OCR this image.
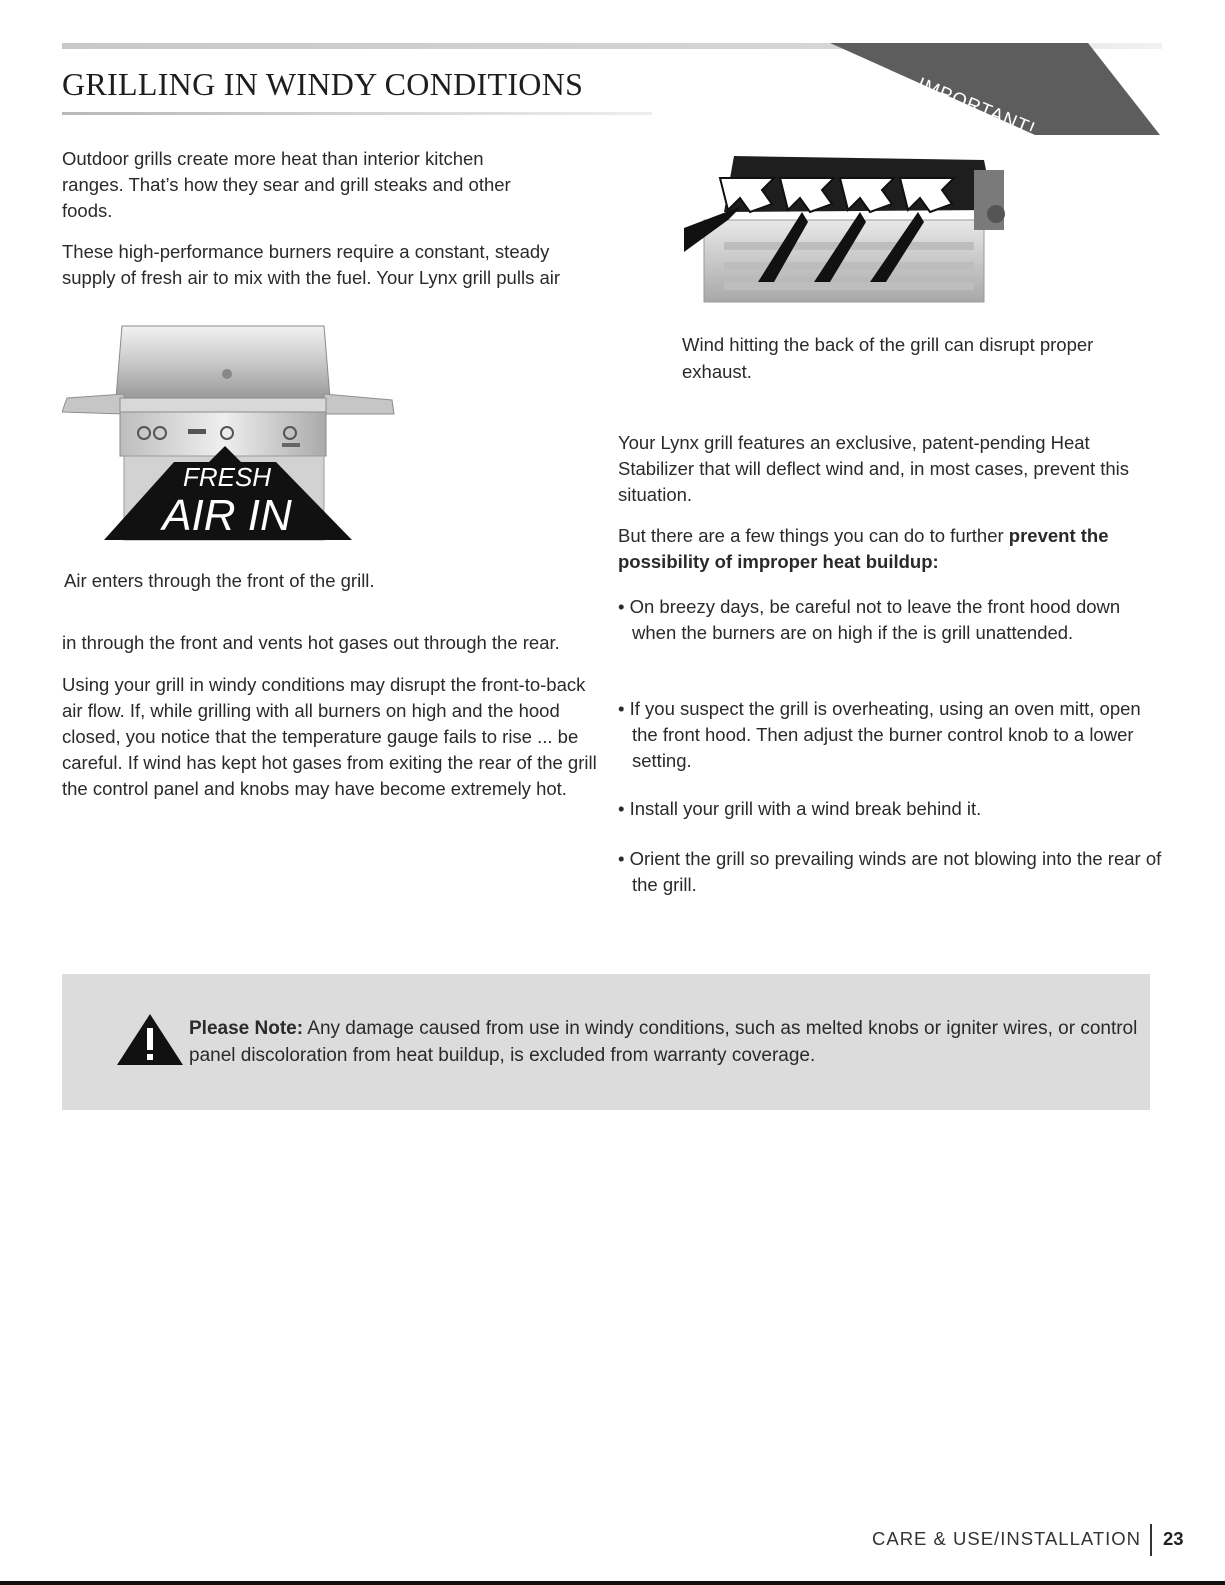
GRILLING IN WINDY CONDITIONS	IMPORTANT!

Outdoor grills create more heat than interior kitchen ranges. That’s how they sear and grill steaks and other foods.

These high-performance burners require a constant, steady supply of fresh air to mix with the fuel. Your Lynx grill pulls air

FRESH
AIR IN

Air enters through the front of the grill.

in through the front and vents hot gases out through the rear.

Using your grill in windy conditions may disrupt the front-to-back air flow. If, while grilling with all burners on high and the hood closed, you notice that the temperature gauge fails to rise ... be careful. If wind has kept hot gases from exiting the rear of the grill the control panel and knobs may have become extremely hot.

Wind hitting the back of the grill can disrupt proper exhaust.

Your Lynx grill features an exclusive, patent-pending Heat Stabilizer that will deflect wind and, in most cases, prevent this situation.

But there are a few things you can do to further prevent the possibility of improper heat buildup:

• On breezy days, be careful not to leave the front hood down when the burners are on high if the is grill unattended.
• If you suspect the grill is overheating, using an oven mitt, open the front hood. Then adjust the burner control knob to a lower setting.
• Install your grill with a wind break behind it.
• Orient the grill so prevailing winds are not blowing into the rear of the grill.

Please Note: Any damage caused from use in windy conditions, such as melted knobs or igniter wires, or control panel discoloration from heat buildup, is excluded from warranty coverage.

CARE & USE/INSTALLATION 23
